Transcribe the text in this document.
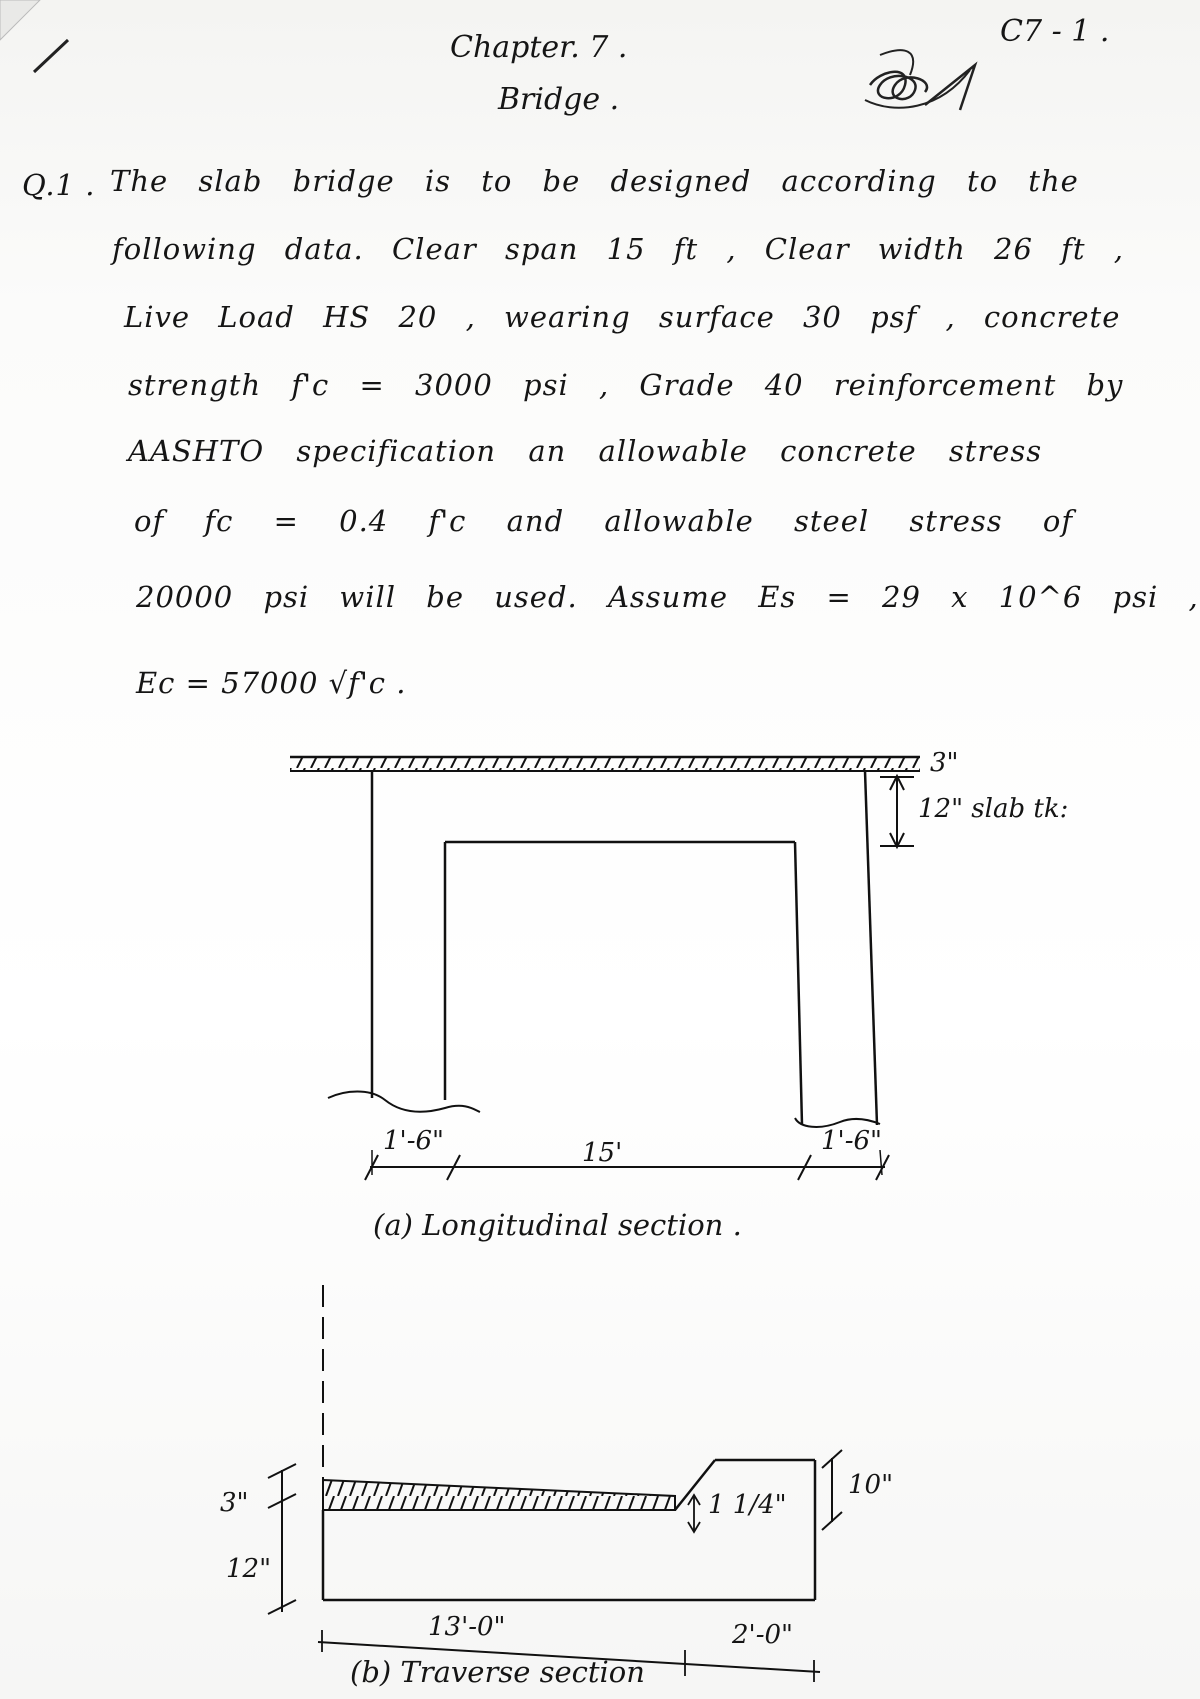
Chapter. 7 .
Bridge .
C7 - 1 .
Q.1 . The slab bridge is to be designed according to the
following data. Clear span 15 ft , Clear width 26 ft ,
Live Load HS 20 , wearing surface 30 psf , concrete
strength f'c = 3000 psi , Grade 40 reinforcement by
AASHTO specification an allowable concrete stress
of fc = 0.4 f'c and allowable steel stress of
20000 psi will be used. Assume Es = 29 x 10^6 psi ,
Ec = 57000 √f'c .
3"
12" slab tk:
1'-6"	15'	1'-6"
(a) Longitudinal section .
3"
12"
1 1/4"
10"
13'-0"	2'-0"
(b) Traverse section
